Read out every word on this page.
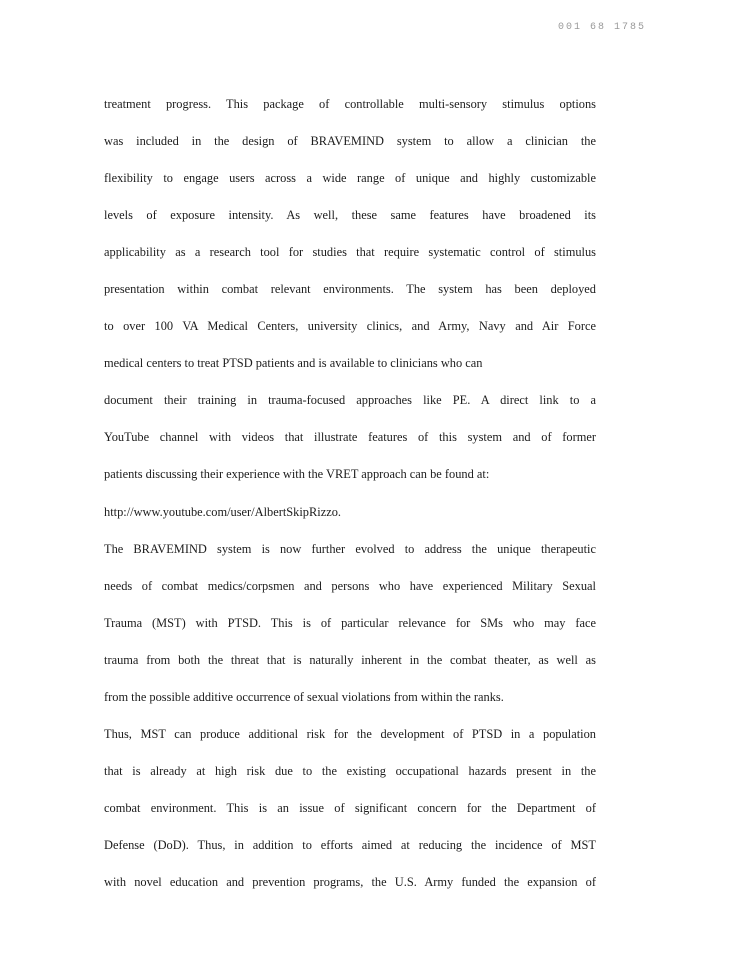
001 68 1785
treatment progress. This package of controllable multi-sensory stimulus options
was included in the design of BRAVEMIND system to allow a clinician the
flexibility to engage users across a wide range of unique and highly customizable
levels of exposure intensity. As well, these same features have broadened its
applicability as a research tool for studies that require systematic control of stimulus
presentation within combat relevant environments. The system has been deployed
to over 100 VA Medical Centers, university clinics, and Army, Navy and Air Force
medical centers to treat PTSD patients and is available to clinicians who can
document their training in trauma-focused approaches like PE. A direct link to a
YouTube channel with videos that illustrate features of this system and of former
patients discussing their experience with the VRET approach can be found at:
http://www.youtube.com/user/AlbertSkipRizzo.
The BRAVEMIND system is now further evolved to address the unique therapeutic
needs of combat medics/corpsmen and persons who have experienced Military Sexual
Trauma (MST) with PTSD. This is of particular relevance for SMs who may face
trauma from both the threat that is naturally inherent in the combat theater, as well as
from the possible additive occurrence of sexual violations from within the ranks.
Thus, MST can produce additional risk for the development of PTSD in a population
that is already at high risk due to the existing occupational hazards present in the
combat environment. This is an issue of significant concern for the Department of
Defense (DoD). Thus, in addition to efforts aimed at reducing the incidence of MST
with novel education and prevention programs, the U.S. Army funded the expansion of
